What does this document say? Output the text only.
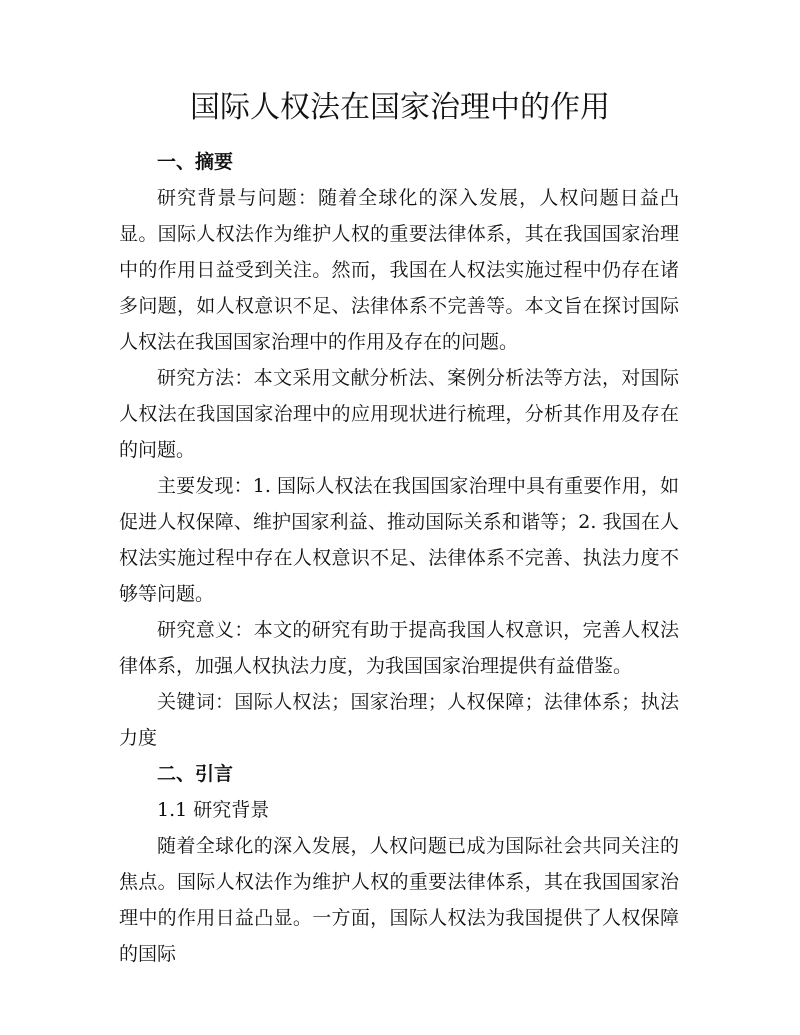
国际人权法在国家治理中的作用
一、摘要

研究背景与问题：随着全球化的深入发展，人权问题日益凸显。国际人权法作为维护人权的重要法律体系，其在我国国家治理中的作用日益受到关注。然而，我国在人权法实施过程中仍存在诸多问题，如人权意识不足、法律体系不完善等。本文旨在探讨国际人权法在我国国家治理中的作用及存在的问题。

研究方法：本文采用文献分析法、案例分析法等方法，对国际人权法在我国国家治理中的应用现状进行梳理，分析其作用及存在的问题。

主要发现：1. 国际人权法在我国国家治理中具有重要作用，如促进人权保障、维护国家利益、推动国际关系和谐等；2. 我国在人权法实施过程中存在人权意识不足、法律体系不完善、执法力度不够等问题。

研究意义：本文的研究有助于提高我国人权意识，完善人权法律体系，加强人权执法力度，为我国国家治理提供有益借鉴。

关键词：国际人权法；国家治理；人权保障；法律体系；执法力度

二、引言

1.1 研究背景

随着全球化的深入发展，人权问题已成为国际社会共同关注的焦点。国际人权法作为维护人权的重要法律体系，其在我国国家治理中的作用日益凸显。一方面，国际人权法为我国提供了人权保障的国际
